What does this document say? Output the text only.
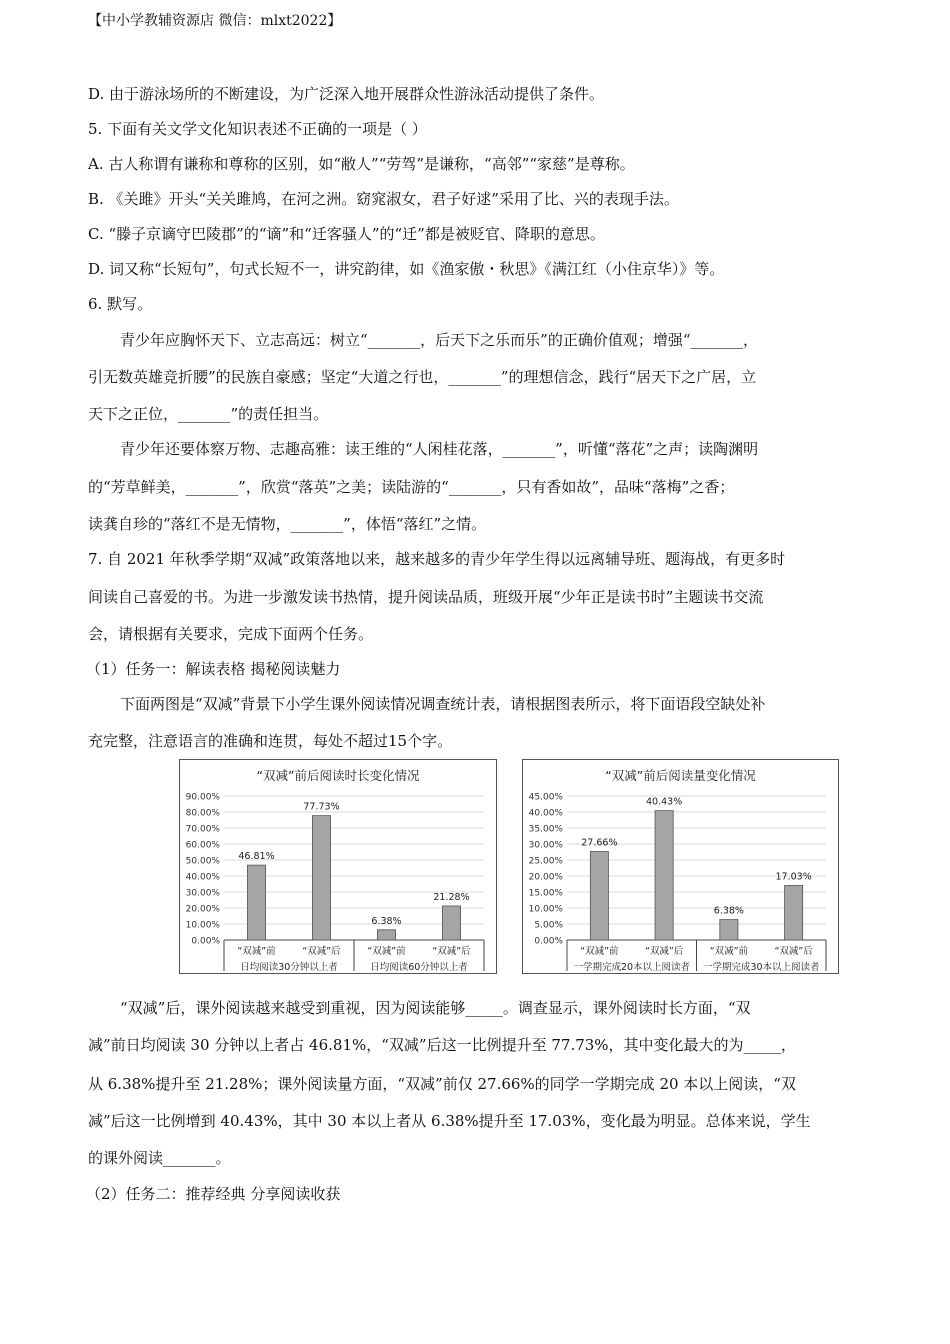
【中小学教辅资源店 微信：mlxt2022】
D. 由于游泳场所的不断建设，为广泛深入地开展群众性游泳活动提供了条件。
5. 下面有关文学文化知识表述不正确的一项是（ ）
A. 古人称谓有谦称和尊称的区别，如“敝人”“劳驾”是谦称，“高邻”“家慈”是尊称。
B. 《关雎》开头“关关雎鸠，在河之洲。窈窕淑女，君子好逑”采用了比、兴的表现手法。
C. “滕子京谪守巴陵郡”的“谪”和“迁客骚人”的“迁”都是被贬官、降职的意思。
D. 词又称“长短句”，句式长短不一，讲究韵律，如《渔家傲・秋思》《满江红（小住京华）》等。
6. 默写。
青少年应胸怀天下、立志高远：树立“_______，后天下之乐而乐”的正确价值观；增强“_______，
引无数英雄竞折腰”的民族自豪感；坚定“大道之行也，_______”的理想信念，践行“居天下之广居，立
天下之正位，_______”的责任担当。
青少年还要体察万物、志趣高雅：读王维的“人闲桂花落，_______”，听懂“落花”之声；读陶渊明
的“芳草鲜美，_______”，欣赏“落英”之美；读陆游的“_______，只有香如故”，品味“落梅”之香；
读龚自珍的“落红不是无情物，_______”，体悟“落红”之情。
7. 自 2021 年秋季学期“双减”政策落地以来，越来越多的青少年学生得以远离辅导班、题海战，有更多时
间读自己喜爱的书。为进一步激发读书热情，提升阅读品质，班级开展“少年正是读书时”主题读书交流
会，请根据有关要求，完成下面两个任务。
（1）任务一：解读表格 揭秘阅读魅力
下面两图是“双减”背景下小学生课外阅读情况调查统计表，请根据图表所示，将下面语段空缺处补
充完整，注意语言的准确和连贯，每处不超过15个字。
“双减”前后阅读时长变化情况
0.00%
10.00%
20.00%
30.00%
40.00%
50.00%
60.00%
70.00%
80.00%
90.00%
46.81%
“双减”前
77.73%
“双减”后
6.38%
“双减”前
21.28%
“双减”后
日均阅读30分钟以上者	日均阅读60分钟以上者
“双减”前后阅读量变化情况
0.00%
5.00%
10.00%
15.00%
20.00%
25.00%
30.00%
35.00%
40.00%
45.00%
27.66%
“双减”前
40.43%
“双减”后
6.38%
“双减”前
17.03%
“双减”后
一学期完成20本以上阅读者 一学期完成30本以上阅读者
“双减”后，课外阅读越来越受到重视，因为阅读能够_____。调查显示，课外阅读时长方面，“双
减”前日均阅读 30 分钟以上者占 46.81%，“双减”后这一比例提升至 77.73%，其中变化最大的为_____，
从 6.38%提升至 21.28%；课外阅读量方面，“双减”前仅 27.66%的同学一学期完成 20 本以上阅读，“双
减”后这一比例增到 40.43%，其中 30 本以上者从 6.38%提升至 17.03%，变化最为明显。总体来说，学生
的课外阅读_______。
（2）任务二：推荐经典 分享阅读收获
